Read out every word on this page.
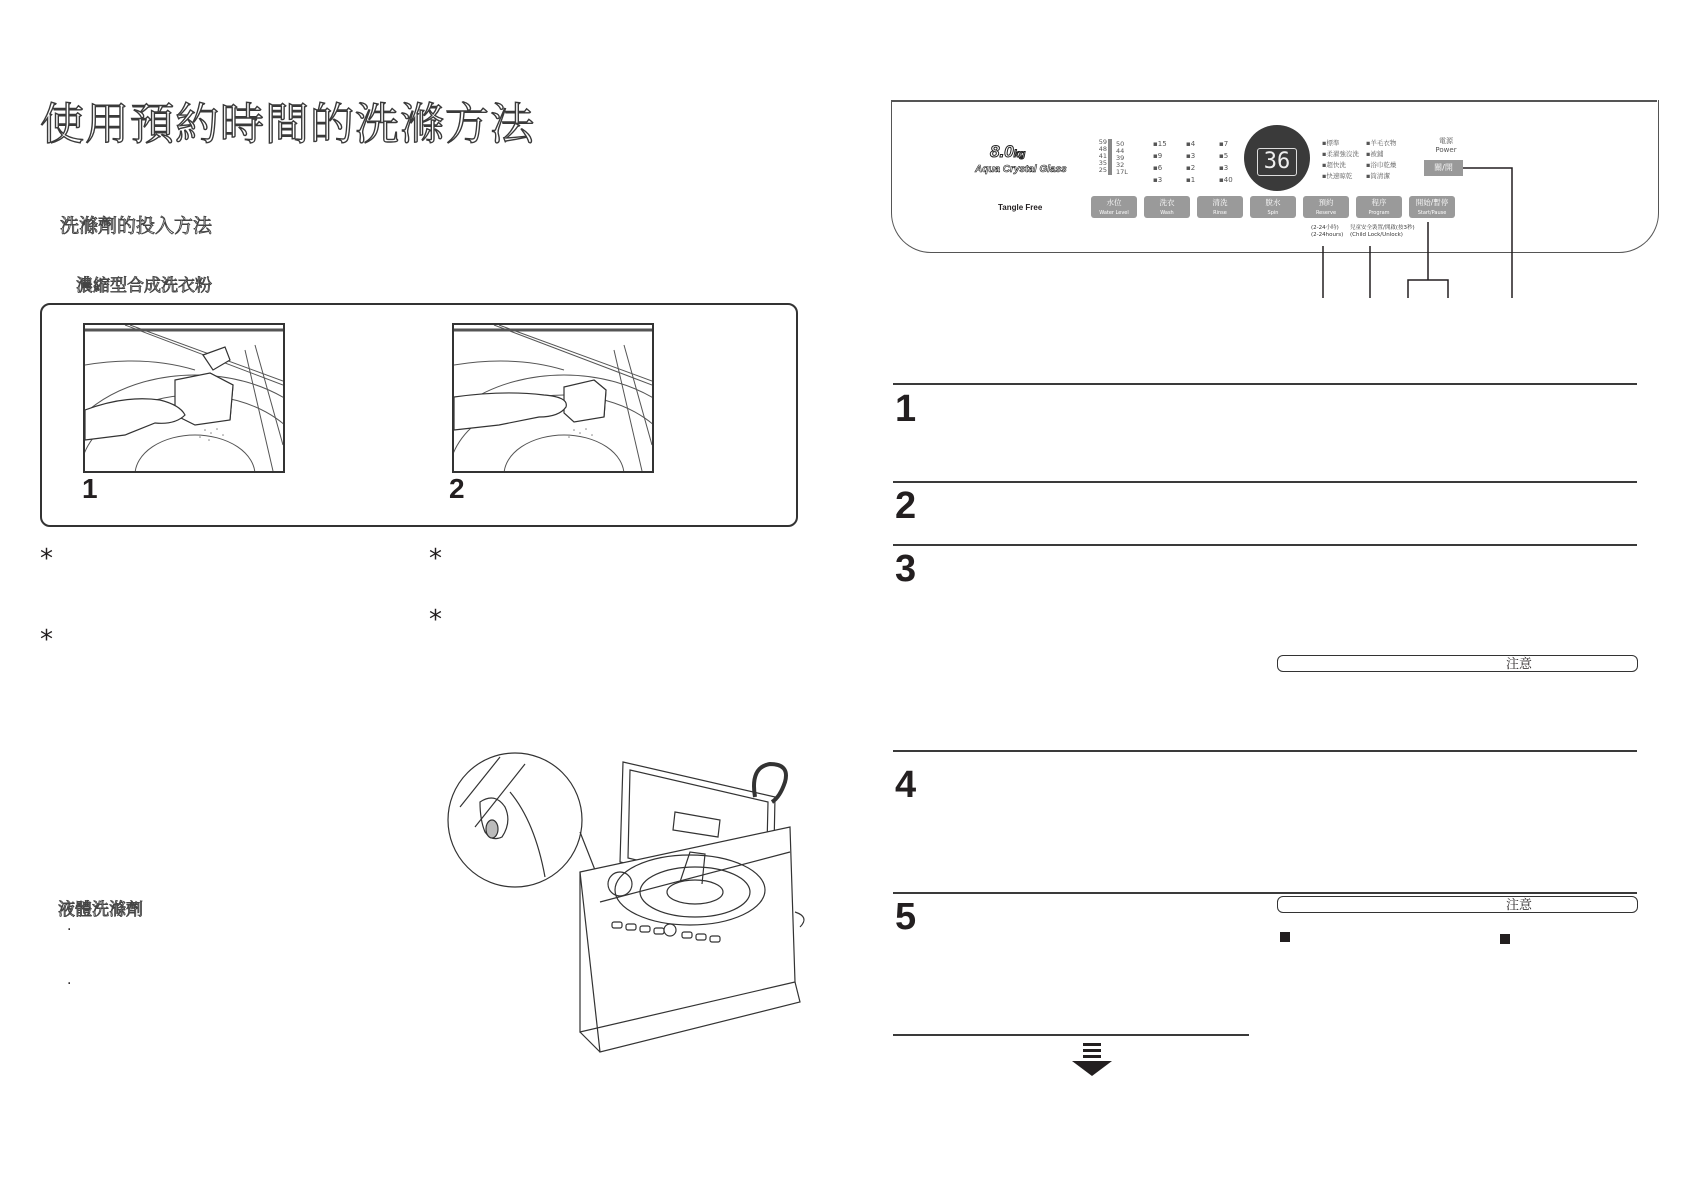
使用預約時間的洗滌方法
洗滌劑的投入方法
濃縮型合成洗衣粉
1	2
*
*
*
*
液體洗滌劑
·
·
8.0kg
Aqua Crystal Glass
Tangle Free
59
48
41
35
25
50
44
39
32
17L
▪15
▪9
▪6
▪3
▪4
▪3
▪2
▪1
▪7
▪5
▪3
▪40
36
▪標準
▪柔濯強沒洗
▪超快洗
▪快速晾乾
▪羊毛衣物
▪被鋪
▪浴巾乾燥
▪筒清潔
電源
Power
關/開
水位
Water Level
洗衣
Wash
清洗
Rinse
脫水
Spin
預約
Reserve
程序
Program
開始/暫停
Start/Pause
(2-24小時)
(2-24hours)
兒童安全裝置/開啟(按3秒)
(Child Lock/Unlock)
1
2
3
4
5
注意
注意
